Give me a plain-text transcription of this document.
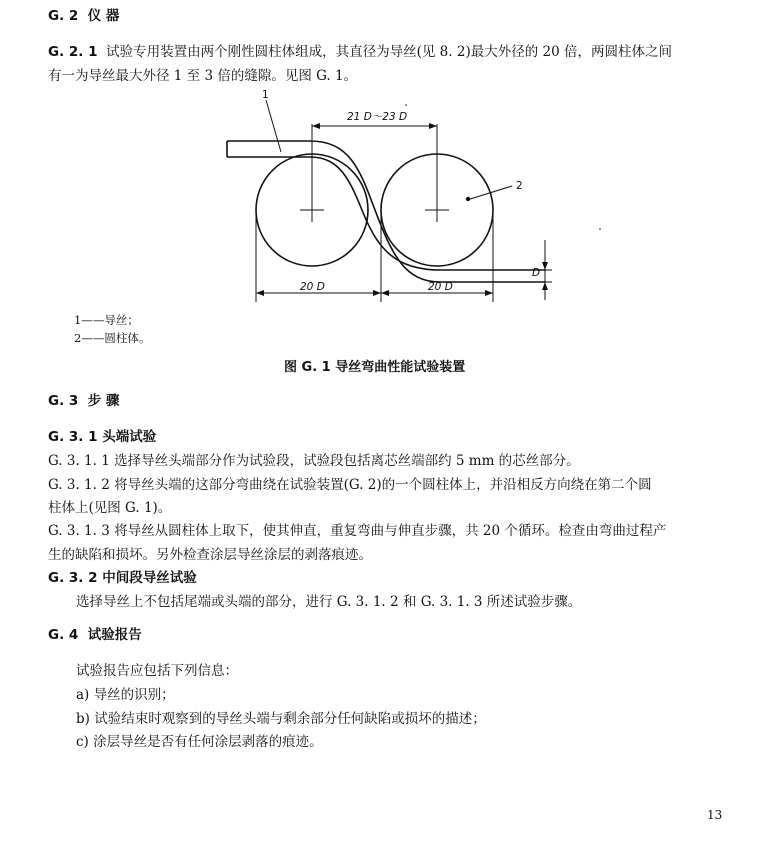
G. 2 仪 器

G. 2. 1 试验专用装置由两个刚性圆柱体组成，其直径为导丝(见 8. 2)最大外径的 20 倍，两圆柱体之间

有一为导丝最大外径 1 至 3 倍的缝隙。见图 G. 1。

1
2
21 D～23 D
20 D	20 D
D

1——导丝；

2——圆柱体。

图 G. 1 导丝弯曲性能试验装置

G. 3 步 骤

G. 3. 1 头端试验

G. 3. 1. 1 选择导丝头端部分作为试验段，试验段包括离芯丝端部约 5 mm 的芯丝部分。

G. 3. 1. 2 将导丝头端的这部分弯曲绕在试验装置(G. 2)的一个圆柱体上，并沿相反方向绕在第二个圆

柱体上(见图 G. 1)。

G. 3. 1. 3 将导丝从圆柱体上取下，使其伸直，重复弯曲与伸直步骤，共 20 个循环。检查由弯曲过程产

生的缺陷和损坏。另外检查涂层导丝涂层的剥落痕迹。

G. 3. 2 中间段导丝试验

选择导丝上不包括尾端或头端的部分，进行 G. 3. 1. 2 和 G. 3. 1. 3 所述试验步骤。

G. 4 试验报告

试验报告应包括下列信息：

a) 导丝的识别；

b) 试验结束时观察到的导丝头端与剩余部分任何缺陷或损坏的描述；

c) 涂层导丝是否有任何涂层剥落的痕迹。

13
